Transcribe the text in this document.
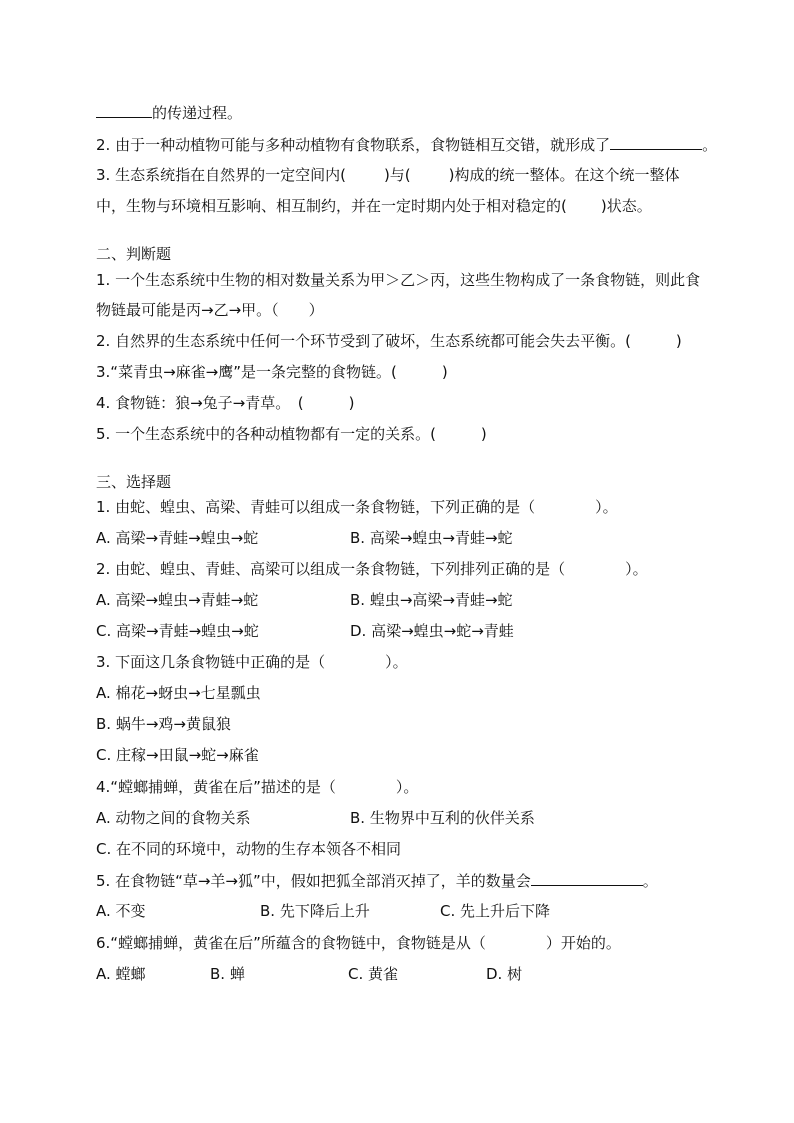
的传递过程。
2. 由于一种动植物可能与多种动植物有食物联系，食物链相互交错，就形成了	。
3. 生态系统指在自然界的一定空间内(	)与(	)构成的统一整体。在这个统一整体
中，生物与环境相互影响、相互制约，并在一定时期内处于相对稳定的( )状态。
二、判断题
1. 一个生态系统中生物的相对数量关系为甲＞乙＞丙，这些生物构成了一条食物链，则此食
物链最可能是丙→乙→甲。（　　）
2. 自然界的生态系统中任何一个环节受到了破坏，生态系统都可能会失去平衡。(　　　)
3.“菜青虫→麻雀→鹰”是一条完整的食物链。(　　　)
4. 食物链：狼→兔子→青草。　(　　　)
5. 一个生态系统中的各种动植物都有一定的关系。(　　　)
三、选择题
1. 由蛇、蝗虫、高梁、青蛙可以组成一条食物链，下列正确的是（　　　　）。
A. 高梁→青蛙→蝗虫→蛇	B. 高梁→蝗虫→青蛙→蛇
2. 由蛇、蝗虫、青蛙、高梁可以组成一条食物链，下列排列正确的是（　　　　）。
A. 高梁→蝗虫→青蛙→蛇	B. 蝗虫→高梁→青蛙→蛇
C. 高梁→青蛙→蝗虫→蛇	D. 高梁→蝗虫→蛇→青蛙
3. 下面这几条食物链中正确的是（　　　　）。
A. 棉花→蚜虫→七星瓢虫
B. 蜗牛→鸡→黄鼠狼
C. 庄稼→田鼠→蛇→麻雀
4.“螳螂捕蝉，黄雀在后”描述的是（　　　　）。
A. 动物之间的食物关系	B. 生物界中互利的伙伴关系
C. 在不同的环境中，动物的生存本领各不相同
5. 在食物链“草→羊→狐”中，假如把狐全部消灭掉了，羊的数量会	。
A. 不变	B. 先下降后上升	C. 先上升后下降
6.“螳螂捕蝉，黄雀在后”所蕴含的食物链中，食物链是从（　　　　）开始的。
A. 螳螂	B. 蝉	C. 黄雀	D. 树
